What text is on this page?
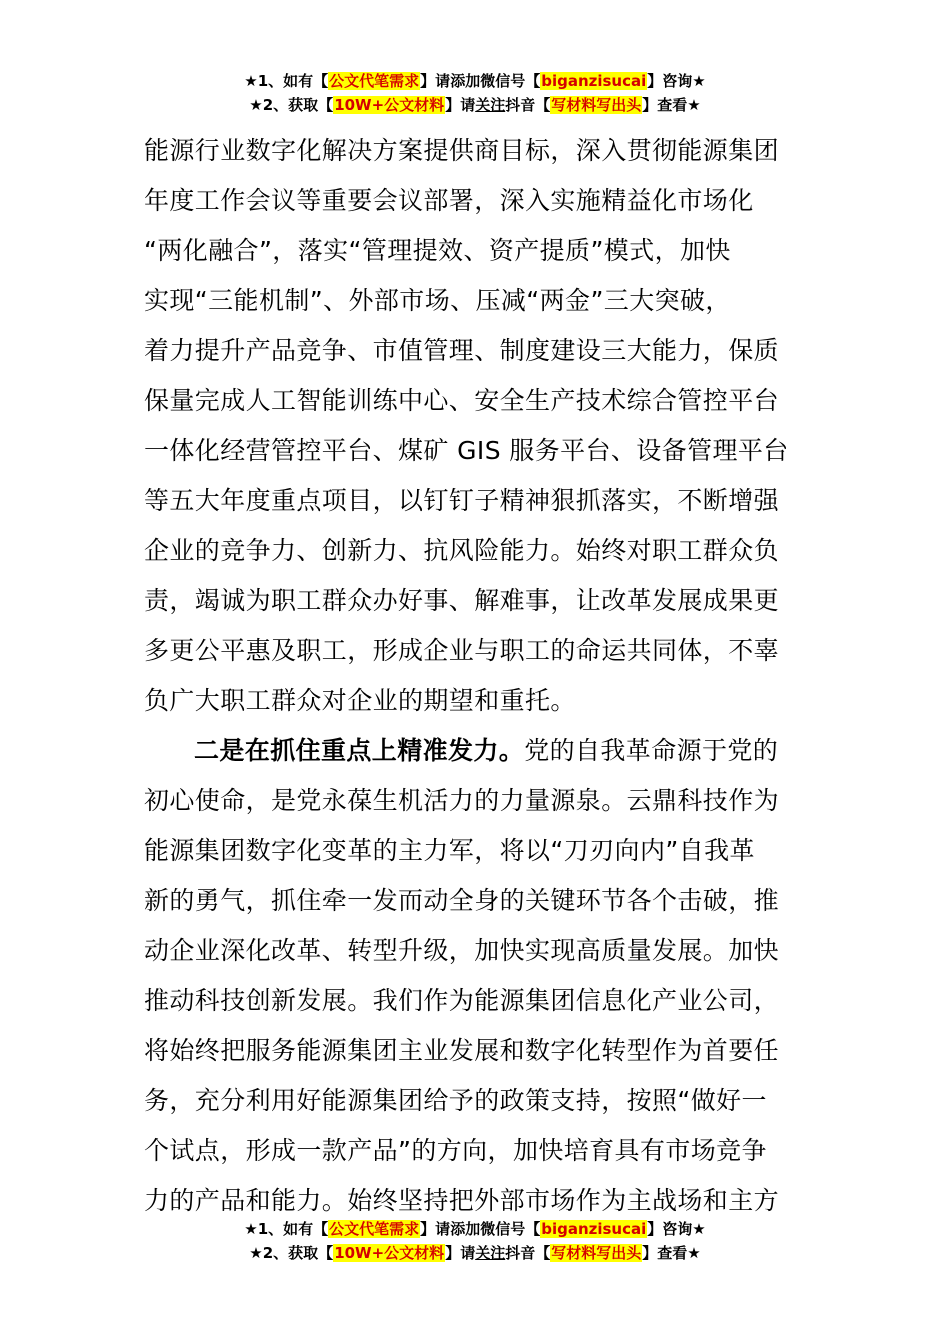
★1、如有【公文代笔需求】请添加微信号【biganzisucai】咨询★
★2、获取【10W+公文材料】请关注抖音【写材料写出头】查看★
能源行业数字化解决方案提供商目标，深入贯彻能源集团
年度工作会议等重要会议部署，深入实施精益化市场化
“两化融合”，落实“管理提效、资产提质”模式，加快
实现“三能机制”、外部市场、压减“两金”三大突破，
着力提升产品竞争、市值管理、制度建设三大能力，保质
保量完成人工智能训练中心、安全生产技术综合管控平台
一体化经营管控平台、煤矿 GIS 服务平台、设备管理平台
等五大年度重点项目，以钉钉子精神狠抓落实，不断增强
企业的竞争力、创新力、抗风险能力。始终对职工群众负
责，竭诚为职工群众办好事、解难事，让改革发展成果更
多更公平惠及职工，形成企业与职工的命运共同体，不辜
负广大职工群众对企业的期望和重托。
二是在抓住重点上精准发力。党的自我革命源于党的
初心使命，是党永葆生机活力的力量源泉。云鼎科技作为
能源集团数字化变革的主力军，将以“刀刃向内”自我革
新的勇气，抓住牵一发而动全身的关键环节各个击破，推
动企业深化改革、转型升级，加快实现高质量发展。加快
推动科技创新发展。我们作为能源集团信息化产业公司，
将始终把服务能源集团主业发展和数字化转型作为首要任
务，充分利用好能源集团给予的政策支持，按照“做好一
个试点，形成一款产品”的方向，加快培育具有市场竞争
力的产品和能力。始终坚持把外部市场作为主战场和主方
★1、如有【公文代笔需求】请添加微信号【biganzisucai】咨询★
★2、获取【10W+公文材料】请关注抖音【写材料写出头】查看★
